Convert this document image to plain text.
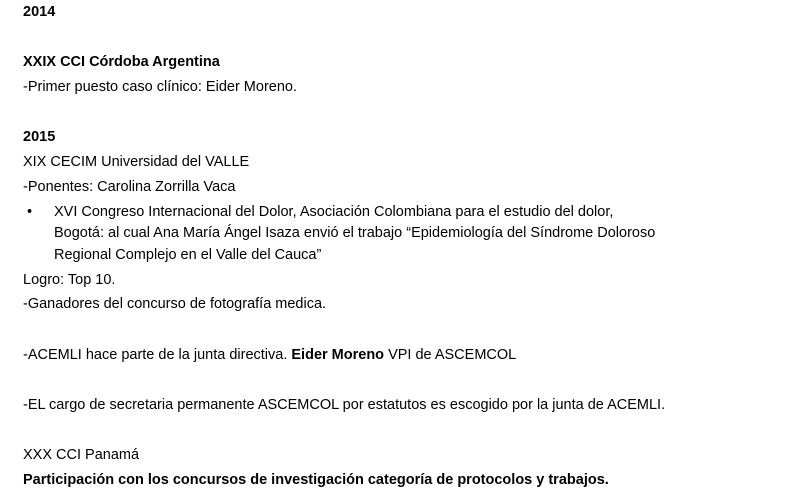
2014
XXIX CCI Córdoba Argentina
-Primer puesto caso clínico: Eider Moreno.
2015
XIX CECIM Universidad del VALLE
-Ponentes: Carolina Zorrilla Vaca
• XVI Congreso Internacional del Dolor, Asociación Colombiana para el estudio del dolor,
Bogotá: al cual Ana María Ángel Isaza envió el trabajo “Epidemiología del Síndrome Doloroso
Regional Complejo en el Valle del Cauca”
Logro: Top 10.
-Ganadores del concurso de fotografía medica.
-ACEMLI hace parte de la junta directiva. Eider Moreno VPI de ASCEMCOL
-EL cargo de secretaria permanente ASCEMCOL por estatutos es escogido por la junta de ACEMLI.
XXX CCI Panamá
Participación con los concursos de investigación categoría de protocolos y trabajos.
